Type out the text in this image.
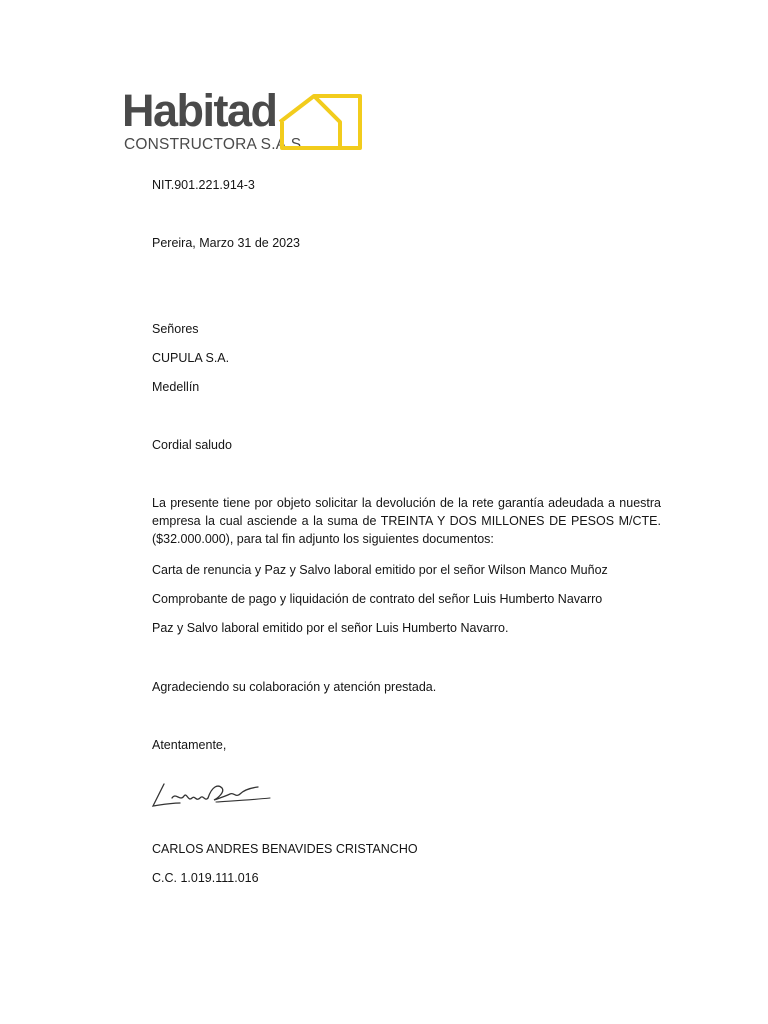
Habitad
CONSTRUCTORA S.A.S
NIT.901.221.914-3
Pereira, Marzo 31 de 2023
Señores
CUPULA S.A.
Medellín
Cordial saludo
La presente tiene por objeto solicitar la devolución de la rete garantía adeudada a nuestra empresa la cual asciende a la suma de TREINTA Y DOS MILLONES DE PESOS M/CTE. ($32.000.000), para tal fin adjunto los siguientes documentos:
Carta de renuncia y Paz y Salvo laboral emitido por el señor Wilson Manco Muñoz
Comprobante de pago y liquidación de contrato del señor Luis Humberto Navarro
Paz y Salvo laboral emitido por el señor Luis Humberto Navarro.
Agradeciendo su colaboración y atención prestada.
Atentamente,
CARLOS ANDRES BENAVIDES CRISTANCHO
C.C. 1.019.111.016
